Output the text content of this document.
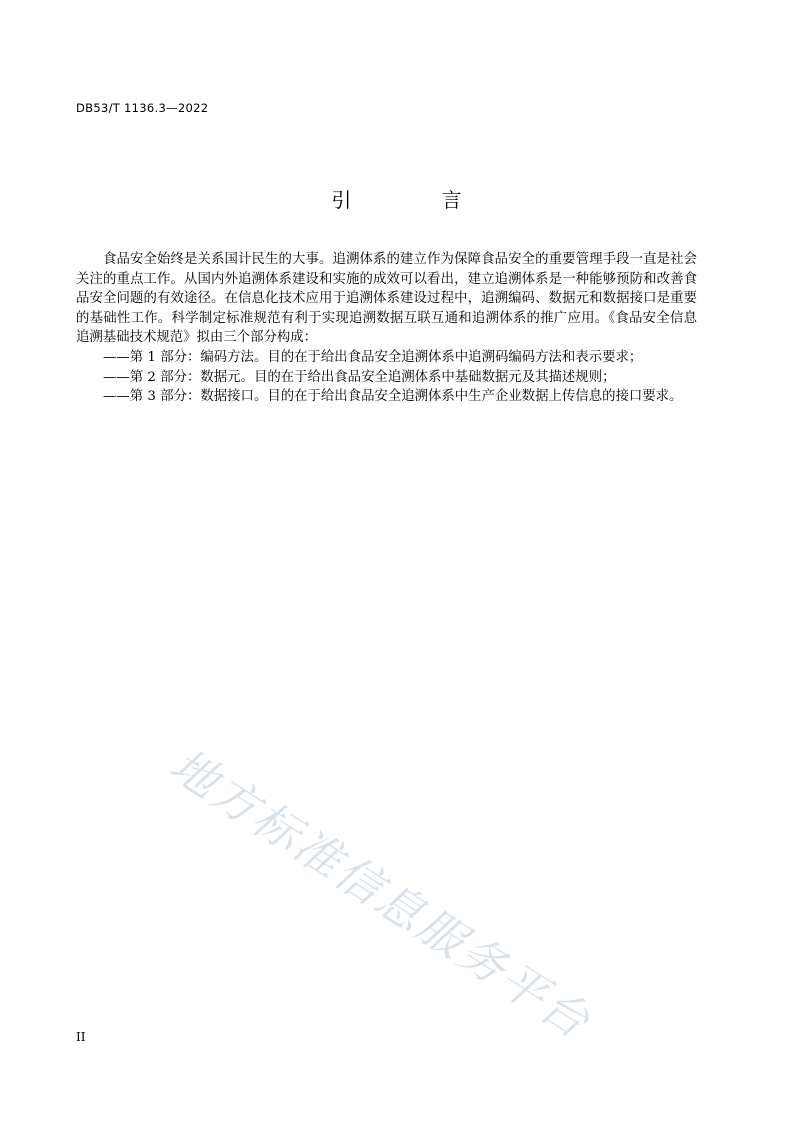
DB53/T 1136.3—2022
引 言

食品安全始终是关系国计民生的大事。追溯体系的建立作为保障食品安全的重要管理手段一直是社会关注的重点工作。从国内外追溯体系建设和实施的成效可以看出，建立追溯体系是一种能够预防和改善食品安全问题的有效途径。在信息化技术应用于追溯体系建设过程中，追溯编码、数据元和数据接口是重要的基础性工作。科学制定标准规范有利于实现追溯数据互联互通和追溯体系的推广应用。《食品安全信息追溯基础技术规范》拟由三个部分构成：

——第 1 部分：编码方法。目的在于给出食品安全追溯体系中追溯码编码方法和表示要求；
——第 2 部分：数据元。目的在于给出食品安全追溯体系中基础数据元及其描述规则；
——第 3 部分：数据接口。目的在于给出食品安全追溯体系中生产企业数据上传信息的接口要求。
地方标准信息服务平台
II
